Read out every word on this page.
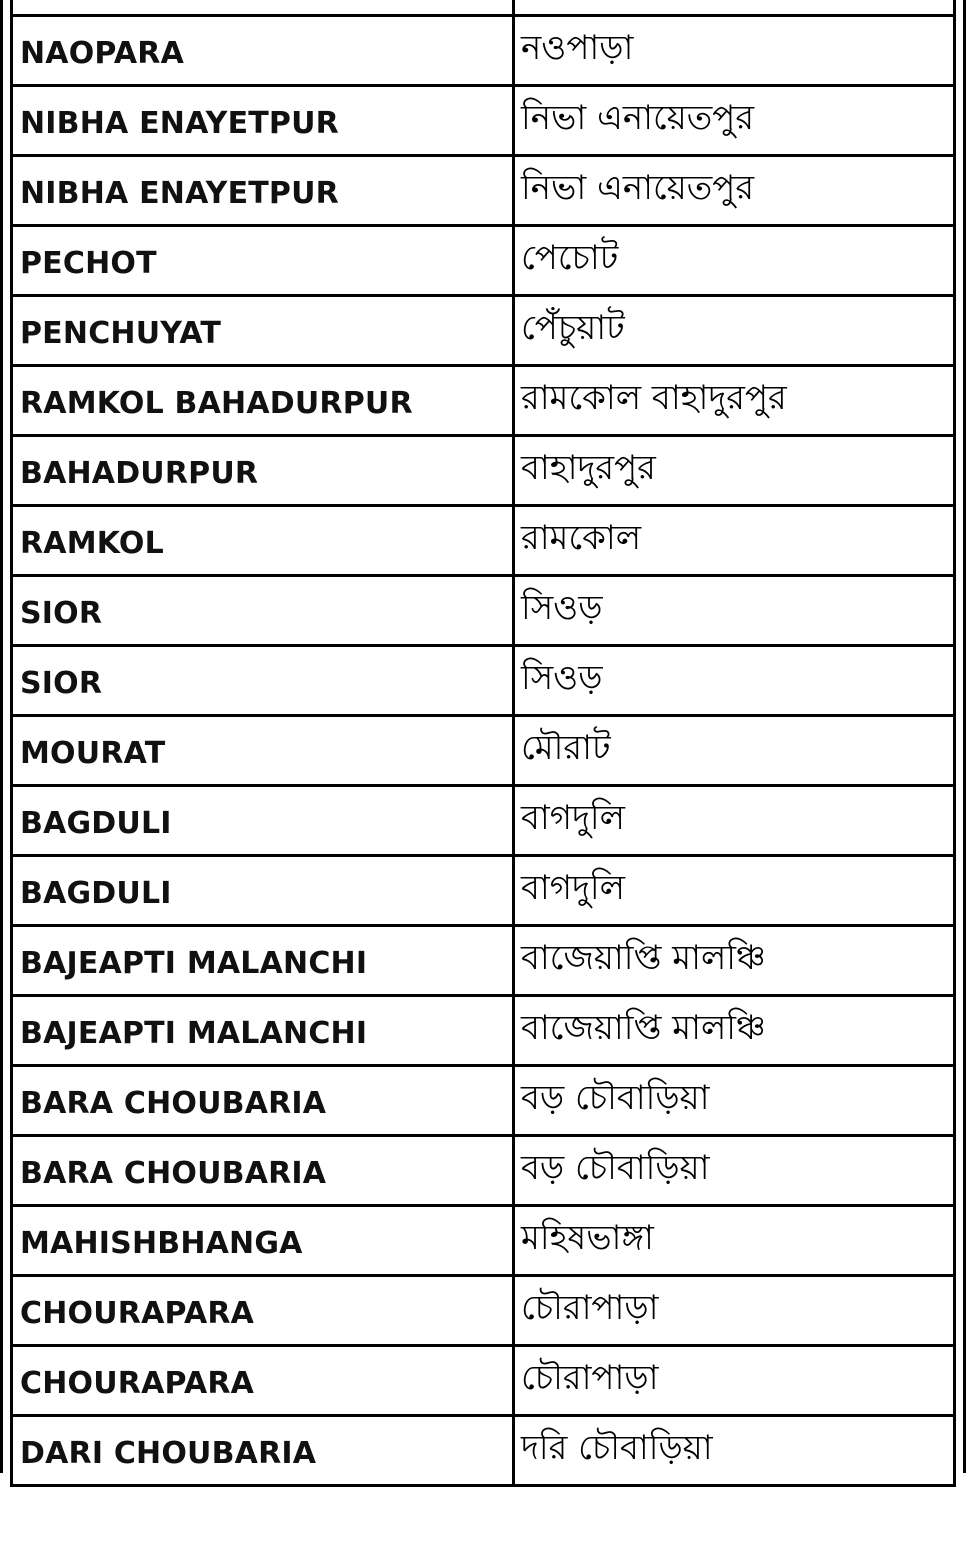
NAOPARA	নওপাড়া
NIBHA ENAYETPUR	নিভা এনায়েতপুর
NIBHA ENAYETPUR	নিভা এনায়েতপুর
PECHOT	পেচোট
PENCHUYAT	পেঁচুয়াট
RAMKOL BAHADURPUR	রামকোল বাহাদুরপুর
BAHADURPUR	বাহাদুরপুর
RAMKOL	রামকোল
SIOR	সিওড়
SIOR	সিওড়
MOURAT	মৌরাট
BAGDULI	বাগদুলি
BAGDULI	বাগদুলি
BAJEAPTI MALANCHI	বাজেয়াপ্তি মালঞ্চি
BAJEAPTI MALANCHI	বাজেয়াপ্তি মালঞ্চি
BARA CHOUBARIA	বড় চৌবাড়িয়া
BARA CHOUBARIA	বড় চৌবাড়িয়া
MAHISHBHANGA	মহিষভাঙ্গা
CHOURAPARA	চৌরাপাড়া
CHOURAPARA	চৌরাপাড়া
DARI CHOUBARIA	দরি চৌবাড়িয়া
